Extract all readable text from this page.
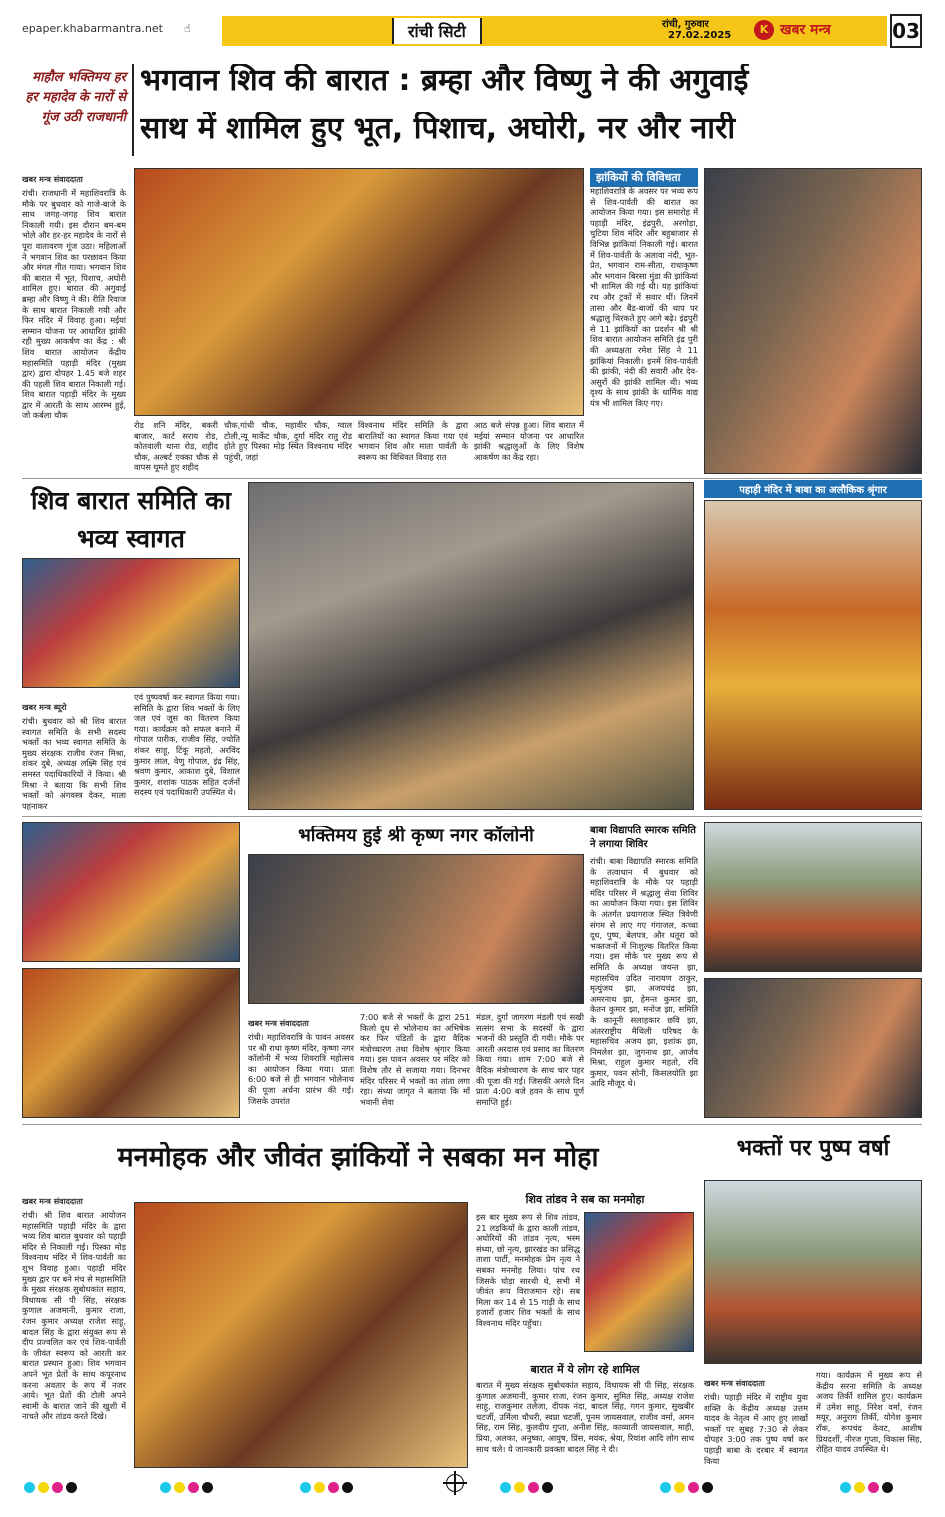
epaper.khabarmantra.net ☝	रांची सिटी	रांची, गुरुवार
27.02.2025	K खबर मन्त्र	03
माहौल भक्तिमय हर हर महादेव के नारों से गूंज उठी राजधानी
भगवान शिव की बारात : ब्रम्हा और विष्णु ने की अगुवाई
साथ में शामिल हुए भूत, पिशाच, अघोरी, नर और नारी
खबर मन्त्र संवाददाता
रांची। राजधानी में महाशिवरात्रि के मौके पर बुधवार को गाजे-बाजे के साथ जगह-जगह शिव बारात निकाली गयी। इस दौरान बम-बम भोले और हर-हर महादेव के नारों से पूरा वातावरण गूंज उठा। महिलाओं ने भगवान शिव का परछावन किया और मंगल गीत गाया। भगवान शिव की बारात में भूत, पिशाच, अघोरी शामिल हुए। बारात की अगुवाई ब्रम्हा और विष्णु ने की। रीति रिवाज के साथ बारात निकाली गयी और फिर मंदिर में विवाह हुआ। मईयां सम्मान योजना पर आधारित झांकी रही मुख्य आकर्षण का केंद्र : श्री शिव बारात आयोजन केंद्रीय महासमिति पहाड़ी मंदिर (मुख्य द्वार) द्वारा दोपहर 1.45 बजे शहर की पहली शिव बारात निकाली गई। शिव बारात पहाड़ी मंदिर के मुख्य द्वार में आरती के साथ आरम्भ हुई, जो कर्बला चौक
रोड शनि मंदिर, बकरी बाजार, कार्ट सराय रोड, कोतवाली थाना रोड, शहीद चौक, अल्बर्ट एक्का चौक से वापस घूमते हुए शहीद
चौक,गांधी चौक, महावीर चौक, ग्वाल टोली,न्यू मार्केट चौक, दुर्गा मंदिर रातु रोड होते हुए पिस्का मोड़ स्थित विश्वनाथ मंदिर पहुंची, जहां
विश्वनाथ मंदिर समिति के द्वारा बारातियों का स्वागत किया गया एवं भगवान शिव और माता पार्वती के स्वरूप का विधिवत विवाह रात
आठ बजे संपन्न हुआ। शिव बारात में मईयां सम्मान योजना पर आधारित झांकी श्रद्धालुओं के लिए विशेष आकर्षण का केंद्र रहा।
झांकियों की विविधता
महाशिवरात्रि के अवसर पर भव्य रूप से शिव-पार्वती की बारात का आयोजन किया गया। इस समारोह में पहाड़ी मंदिर, इंद्रपुरी, अरगोड़ा, चुटिया शिव मंदिर और बहुबाजार से विभिन्न झांकियां निकाली गई। बारात में शिव-पार्वती के अलावा नंदी, भूत-प्रेत, भगवान राम-सीता, राधाकृष्ण और भगवान बिरसा मुंडा की झांकियां भी शामिल की गई थी। यह झांकियां रथ और ट्रकों में सवार थीं। जिनमें तासा और बैंड-बाजों की थाप पर श्रद्धालु थिरकते हुए आगे बढ़े। इंद्रपुरी से 11 झांकियों का प्रदर्शन श्री श्री शिव बारात आयोजन समिति इंद्र पुरी की अध्यक्षता रमेश सिंह ने 11 झांकियां निकाली। इनमें शिव-पार्वती की झांकी, नंदी की सवारी और देव-असुरों की झांकी शामिल थी। भव्य दृश्य के साथ झांकी के धार्मिक वाद्य यंत्र भी शामिल किए गए।
शिव बारात समिति का भव्य स्वागत
खबर मन्त्र ब्यूरो
रांची। बुधवार को श्री शिव बारात स्वागत समिति के सभी सदस्य भक्तों का भव्य स्वागत समिति के मुख्य संरक्षक राजीव रंजन मिश्रा, शंकर दुबे, अध्यक्ष लक्ष्मि सिंह एवं समस्त पदाधिकारियों ने किया। श्री मिश्रा ने बताया कि सभी शिव भक्तों को अंगवस्त्र देकर, माला पहनाकर
एवं पुष्पवर्षा कर स्वागत किया गया। समिति के द्वारा शिव भक्तों के लिए जल एवं जूस का वितरण किया गया। कार्यक्रम को सफल बनाने में गोपाल पारीक, राजीव सिंह, ज्योति शंकर साहू, टिंकू महतो, अरविंद कुमार लाल, वेणु गोपाल, इंद्र सिंह, श्रवण कुमार, आकाश दुबे, विशाल कुमार, शशांक पाठक सहित दर्जनों सदस्य एवं पदाधिकारी उपस्थित थे।
पहाड़ी मंदिर में बाबा का अलौकिक श्रृंगार
भक्तिमय हुई श्री कृष्ण नगर कॉलोनी
खबर मन्त्र संवाददाता
रांची। महाशिवरात्रि के पावन अवसर पर श्री राधा कृष्ण मंदिर, कृष्णा नगर कॉलोनी में भव्य शिवरात्रि महोत्सव का आयोजन किया गया। प्रातः 6:00 बजे से ही भगवान भोलेनाथ की पूजा अर्चना प्रारंभ की गई। जिसके उपरांत
7:00 बजे से भक्तों के द्वारा 251 किलो दूध से भोलेनाथ का अभिषेक कर फिर पंडितों के द्वारा वैदिक मंत्रोच्चारण तथा विशेष श्रृंगार किया गया। इस पावन अवसर पर मंदिर को विशेष तौर से सजाया गया। दिनभर मंदिर परिसर में भक्तों का तांता लगा रहा। संध्या जागृत ने बताया कि माँ भवानी सेवा
मंडल, दुर्गा जागरण मंडली एवं सखी सत्संग सभा के सदस्यों के द्वारा भजनों की प्रस्तुति दी गयी। मौके पर आरती अरदास एवं प्रसाद का वितरण किया गया। शाम 7:00 बजे से वैदिक मंत्रोच्चारण के साथ चार पहर की पूजा की गई। जिसकी अगले दिन प्रातः 4:00 बजे हवन के साथ पूर्ण समाप्ति हुई।
बाबा विद्यापति स्मारक समिति ने लगाया शिविर
रांची। बाबा विद्यापति स्मारक समिति के तत्वाधान में बुधवार को महाशिवरात्रि के मौके पर पहाड़ी मंदिर परिसर में श्रद्धालु सेवा शिविर का आयोजन किया गया। इस शिविर के अंतर्गत प्रयागराज स्थित त्रिवेणी संगम से लाए गए गंगाजल, कच्चा दूध, पुष्प, बेलपत्र, और धतूरा को भक्तजनों में निःशुल्क वितरित किया गया। इस मौके पर मुख्य रूप से समिति के अध्यक्ष जयन्त झा, महासचिव उदित नारायण ठाकुर, मृत्युंजय झा, अजयचंद्र झा, अमरनाथ झा, हेमन्त कुमार झा, केतन कुमार झा, मनोज झा, समिति के कानूनी सलाहकार छवि झा, अंतरराष्ट्रीय मैथिली परिषद के महासचिव अजय झा, इशांक झा, निमलेश झा, जुगनाथ झा, आर्जव मिश्रा, राहुल कुमार महतो, रवि कुमार, पवन सोनी, किसलयोति झा आदि मौजूद थे।
मनमोहक और जीवंत झांकियों ने सबका मन मोहा
खबर मन्त्र संवाददाता
रांची। श्री शिव बारात आयोजन महासमिति पहाड़ी मंदिर के द्वारा भव्य शिव बारात बुधवार को पहाड़ी मंदिर से निकाली गई। पिस्का मोड़ विश्वनाथ मंदिर में शिव-पार्वती का शुभ विवाह हुआ। पहाड़ी मंदिर मुख्य द्वार पर बने मंच से महासमिति के मुख्य संरक्षक सुबोधकांत सहाय, विधायक सी पी सिंह, संरक्षक कुणाल अजमानी, कुमार राजा, रंजन कुमार अध्यक्ष राजेश साहू, बादल सिंह के द्वारा संयुक्त रूप से दीप प्रज्वलित कर एवं शिव-पार्वती के जीवंत स्वरूप को आरती कर बारात प्रस्थान हुआ। शिव भगवान अपने भूत प्रेतों के साथ कपूरनाथ करना अवतार के रूप में नजर आये। भूत प्रेतों की टोली अपने स्वामी के बारात जाने की खुशी में नाचते और तांडव करते दिखे।
शिव तांडव ने सब का मनमोहा
इस बार मुख्य रूप से शिव तांडव, 21 लड़कियों के द्वारा काली तांडव, अघोरियों की तांडव नृत्य, भस्म संध्या, छो नृत्य, झारखंड का प्रसिद्ध ताशा पार्टी, मनमोहक प्रेम नृत्य ने सबका मनमोह लिया। पांच रथ जिसके घोड़ा सारथी थे, सभी में जीवंत रूप विराजमान रहे। सब मिला कर 14 से 15 गाड़ी के साथ हजारों हजार शिव भक्तों के साथ विश्वनाथ मंदिर पहुँचा।
बारात में ये लोग रहे शामिल
बारात में मुख्य संरक्षक सुबोधकांत सहाय, विधायक सी पी सिंह, संरक्षक कुणाल अजमानी, कुमार राजा, रंजन कुमार, सुमित सिंह, अध्यक्ष राजेश साहू, राजकुमार तलेजा, दीपक नंदा, बादल सिंह, गगन कुमार, सुखबीर चटर्जी, उर्मिला चौधरी, स्वप्ना चटर्जी, पूनम जायसवाल, राजीव वर्मा, अमन सिंह, राम सिंह, कुलदीप गुप्ता, अनीश सिंह, काव्याती जायसवाल, माही, प्रिया, अलका, अनुष्का, आयुष, प्रिंस, मयंक, श्रेया, रियांश आदि लोग साथ साथ चले। ये जानकारी प्रवक्ता बादल सिंह ने दी।
भक्तों पर पुष्प वर्षा
खबर मन्त्र संवाददाता
रांची। पहाड़ी मंदिर में राष्ट्रीय युवा शक्ति के केंद्रीय अध्यक्ष उत्तम यादव के नेतृत्व में आए हुए लाखों भक्तों पर सुबह 7:30 से लेकर दोपहर 3:00 तक पुष्प वर्षा कर पहाड़ी बाबा के दरबार में स्वागत किया
गया। कार्यक्रम में मुख्य रूप से केंद्रीय सरना समिति के अध्यक्ष अजय तिर्की शामिल हुए। कार्यक्रम में उमेश साहू, निरेश वर्मा, रंजन मयूर, अनुराग तिर्की, योगेश कुमार राँक, रूपचंद केवट, आशीष प्रियदर्शी, नीरज गुप्ता, विकास सिंह, रोहित यादव उपस्थित थे।
